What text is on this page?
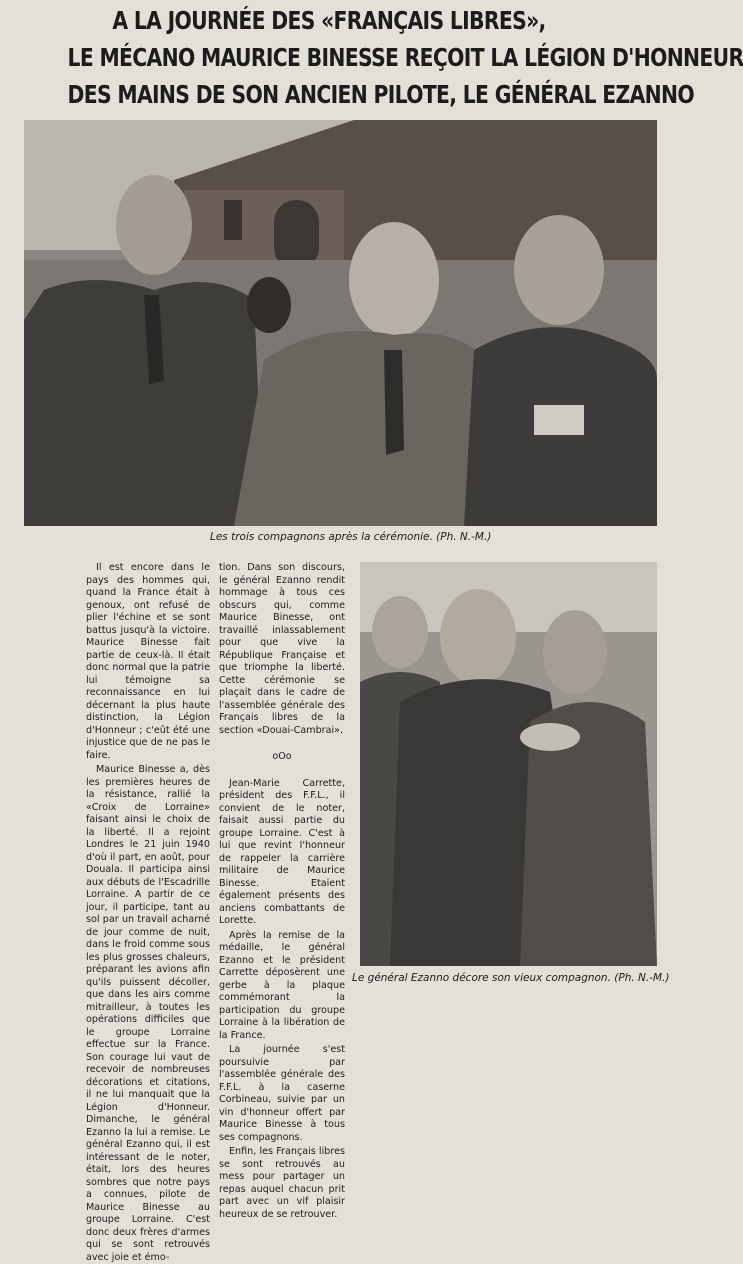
A LA JOURNÉE DES «FRANÇAIS LIBRES»,
LE MÉCANO MAURICE BINESSE REÇOIT LA LÉGION D'HONNEUR
DES MAINS DE SON ANCIEN PILOTE, LE GÉNÉRAL EZANNO
Les trois compagnons après la cérémonie. (Ph. N.-M.)

Il est encore dans le pays des hommes qui, quand la France était à genoux, ont refusé de plier l'échine et se sont battus jusqu'à la victoire. Maurice Binesse fait partie de ceux-là. Il était donc normal que la patrie lui témoigne sa reconnaissance en lui décernant la plus haute distinction, la Légion d'Honneur ; c'eût été une injustice que de ne pas le faire.

Maurice Binesse a, dès les premières heures de la résistance, rallié la «Croix de Lorraine» faisant ainsi le choix de la liberté. Il a rejoint Londres le 21 juin 1940 d'où il part, en août, pour Douala. Il participa ainsi aux débuts de l'Escadrille Lorraine. A partir de ce jour, il participe, tant au sol par un travail acharné de jour comme de nuit, dans le froid comme sous les plus grosses chaleurs, préparant les avions afin qu'ils puissent décoller, que dans les airs comme mitrailleur, à toutes les opérations difficiles que le groupe Lorraine effectue sur la France. Son courage lui vaut de recevoir de nombreuses décorations et citations, il ne lui manquait que la Légion d'Honneur. Dimanche, le général Ezanno la lui a remise. Le général Ezanno qui, il est intéressant de le noter, était, lors des heures sombres que notre pays a connues, pilote de Maurice Binesse au groupe Lorraine. C'est donc deux frères d'armes qui se sont retrouvés avec joie et émo-

tion. Dans son discours, le général Ezanno rendit hommage à tous ces obscurs qui, comme Maurice Binesse, ont travaillé inlassablement pour que vive la République Française et que triomphe la liberté. Cette cérémonie se plaçait dans le cadre de l'assemblée générale des Français libres de la section «Douai-Cambrai».

oOo

Jean-Marie Carrette, président des F.F.L., il convient de le noter, faisait aussi partie du groupe Lorraine. C'est à lui que revint l'honneur de rappeler la carrière militaire de Maurice Binesse. Etaient également présents des anciens combattants de Lorette.

Après la remise de la médaille, le général Ezanno et le président Carrette déposèrent une gerbe à la plaque commémorant la participation du groupe Lorraine à la libération de la France.

La journée s'est poursuivie par l'assemblée générale des F.F.L. à la caserne Corbineau, suivie par un vin d'honneur offert par Maurice Binesse à tous ses compagnons.

Enfin, les Français libres se sont retrouvés au mess pour partager un repas auquel chacun prit part avec un vif plaisir heureux de se retrouver.

Le général Ezanno décore son vieux compagnon. (Ph. N.-M.)
